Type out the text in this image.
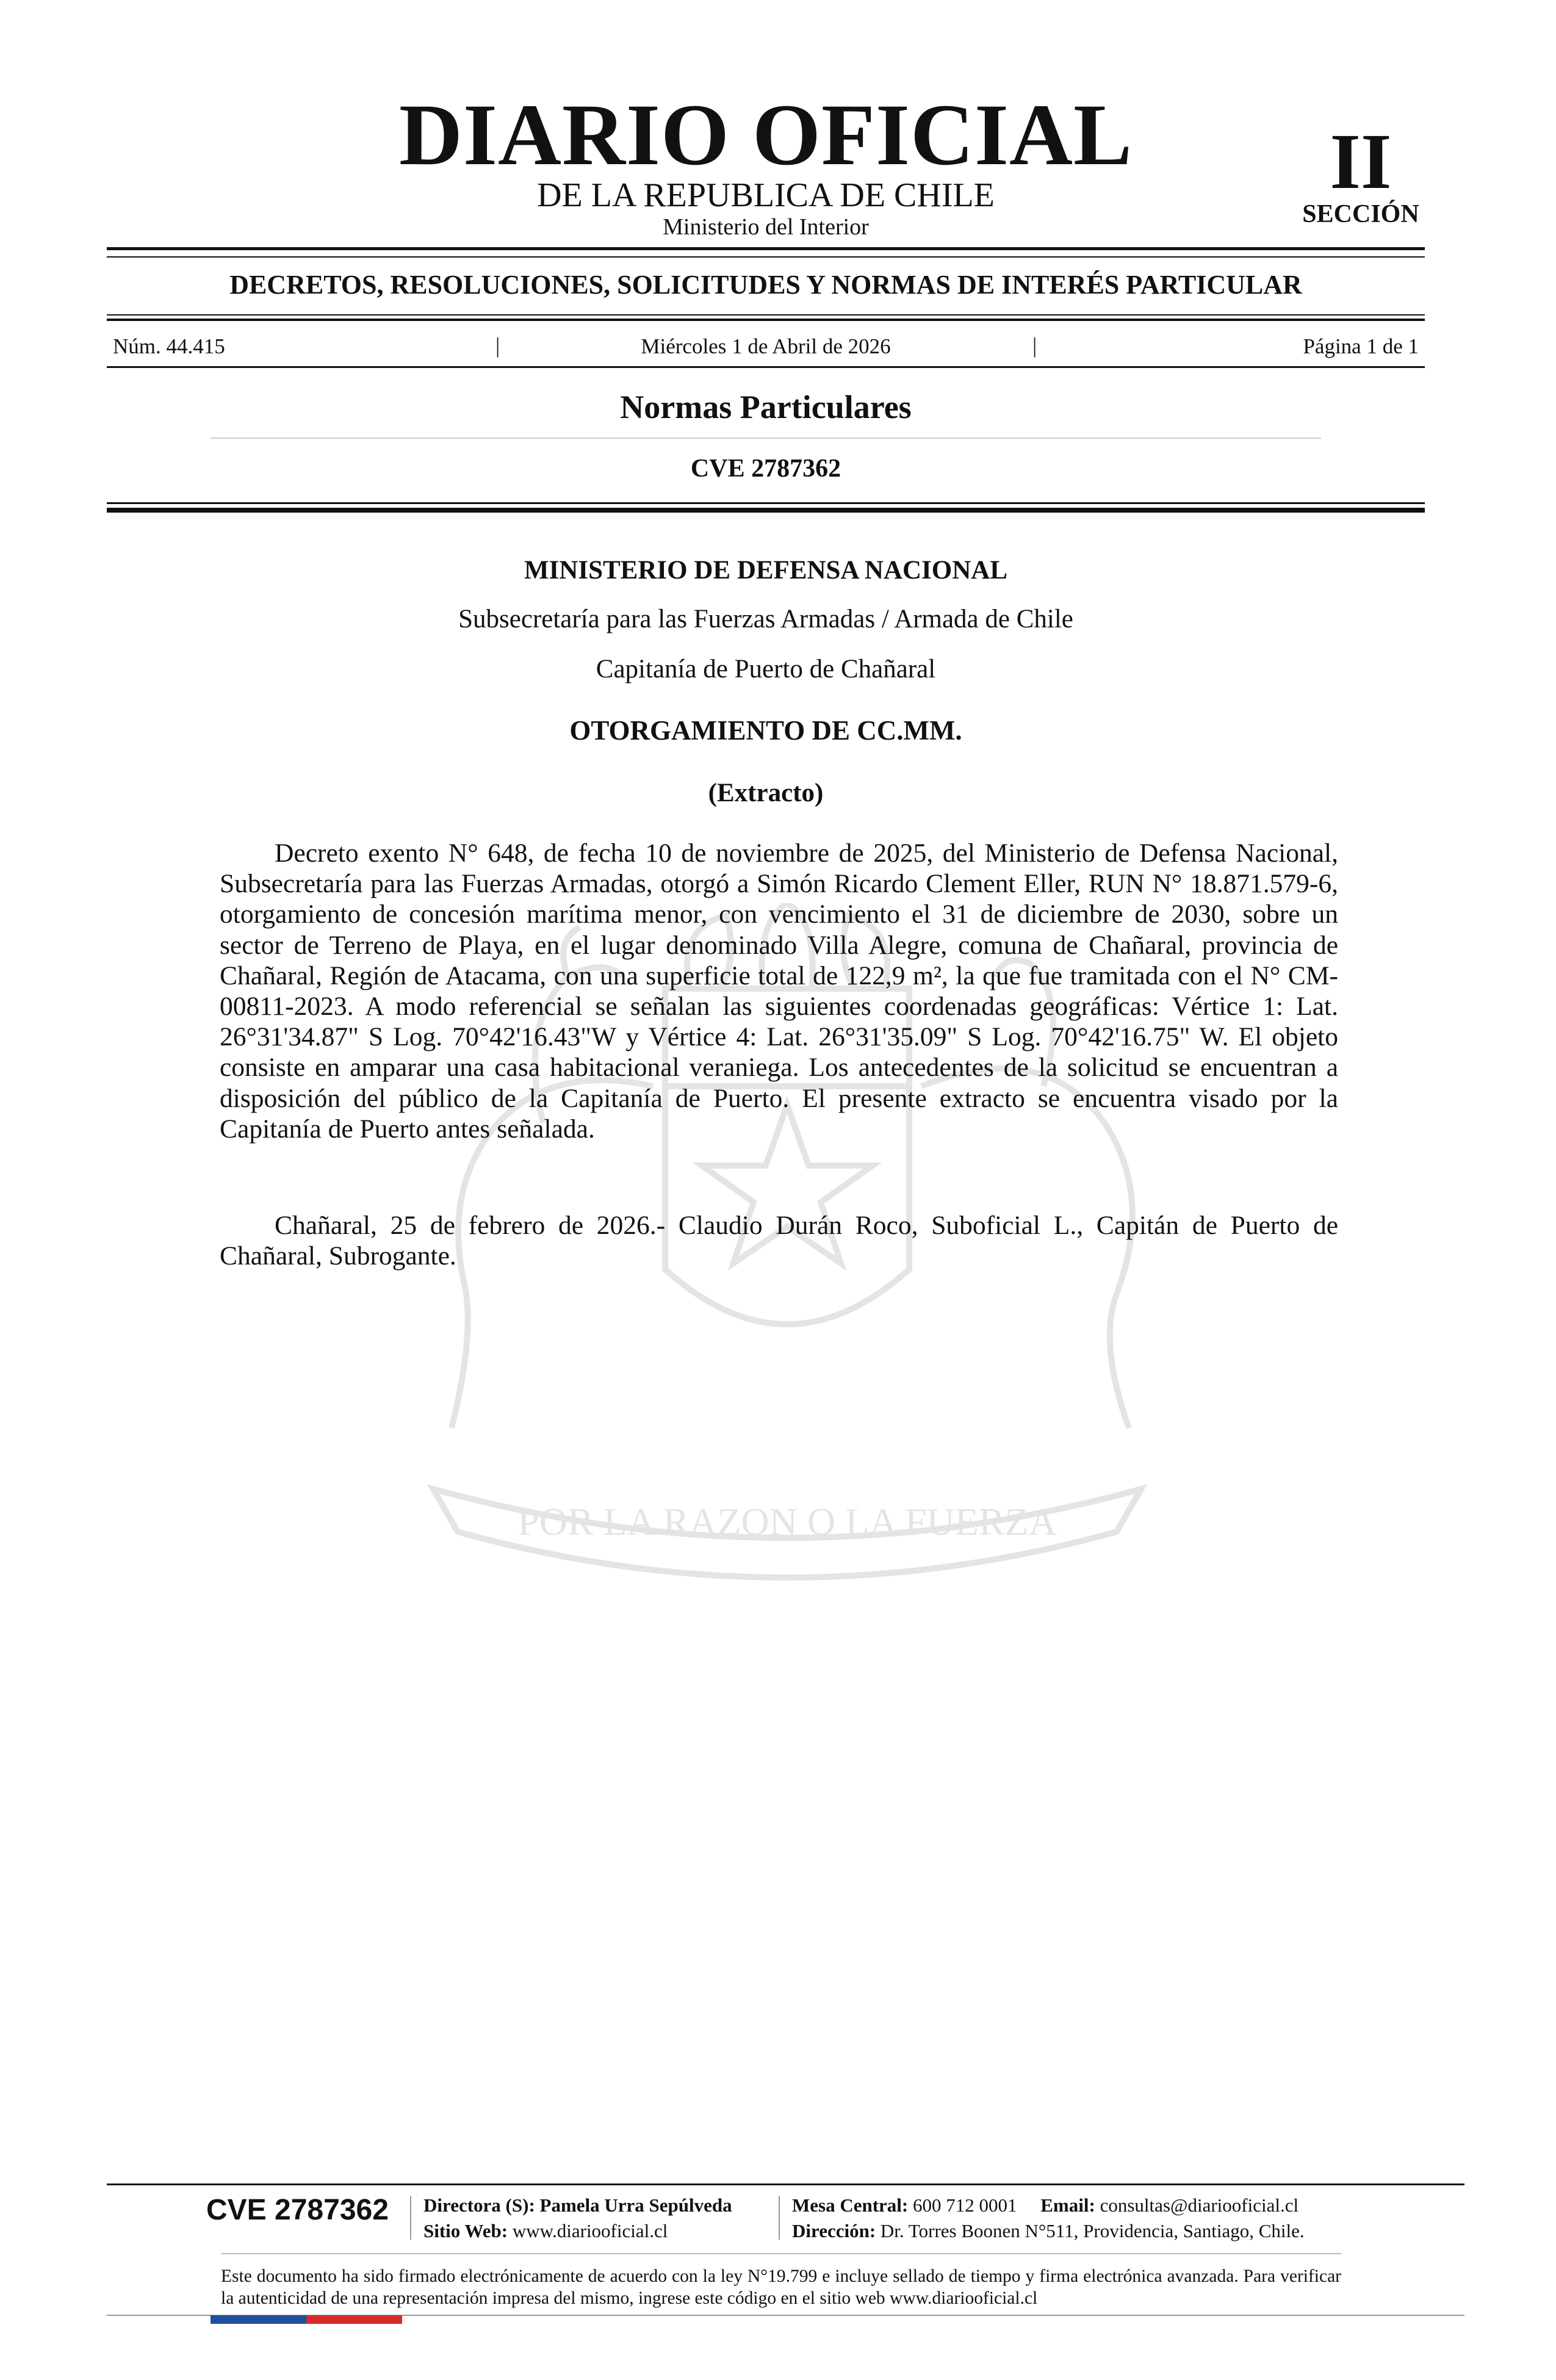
POR LA RAZON O LA FUERZA
DIARIO OFICIAL
DE LA REPUBLICA DE CHILE
Ministerio del Interior
II
SECCIÓN
DECRETOS, RESOLUCIONES, SOLICITUDES Y NORMAS DE INTERÉS PARTICULAR
Núm. 44.415	|	Miércoles 1 de Abril de 2026	|	Página 1 de 1
Normas Particulares
CVE 2787362
MINISTERIO DE DEFENSA NACIONAL
Subsecretaría para las Fuerzas Armadas / Armada de Chile
Capitanía de Puerto de Chañaral
OTORGAMIENTO DE CC.MM.
(Extracto)

Decreto exento N° 648, de fecha 10 de noviembre de 2025, del Ministerio de Defensa Nacional, Subsecretaría para las Fuerzas Armadas, otorgó a Simón Ricardo Clement Eller, RUN N° 18.871.579-6, otorgamiento de concesión marítima menor, con vencimiento el 31 de diciembre de 2030, sobre un sector de Terreno de Playa, en el lugar denominado Villa Alegre, comuna de Chañaral, provincia de Chañaral, Región de Atacama, con una superficie total de 122,9 m², la que fue tramitada con el N° CM-00811-2023. A modo referencial se señalan las siguientes coordenadas geográficas: Vértice 1: Lat. 26°31'34.87" S Log. 70°42'16.43"W y Vértice 4: Lat. 26°31'35.09" S Log. 70°42'16.75" W. El objeto consiste en amparar una casa habitacional veraniega. Los antecedentes de la solicitud se encuentran a disposición del público de la Capitanía de Puerto. El presente extracto se encuentra visado por la Capitanía de Puerto antes señalada.

Chañaral, 25 de febrero de 2026.- Claudio Durán Roco, Suboficial L., Capitán de Puerto de Chañaral, Subrogante.

CVE 2787362 Directora (S): Pamela Urra Sepúlveda
Sitio Web: www.diariooficial.cl
Mesa Central: 600 712 0001 Email: consultas@diariooficial.cl
Dirección: Dr. Torres Boonen N°511, Providencia, Santiago, Chile.
Este documento ha sido firmado electrónicamente de acuerdo con la ley N°19.799 e incluye sellado de tiempo y firma electrónica avanzada. Para verificar la autenticidad de una representación impresa del mismo, ingrese este código en el sitio web www.diariooficial.cl
